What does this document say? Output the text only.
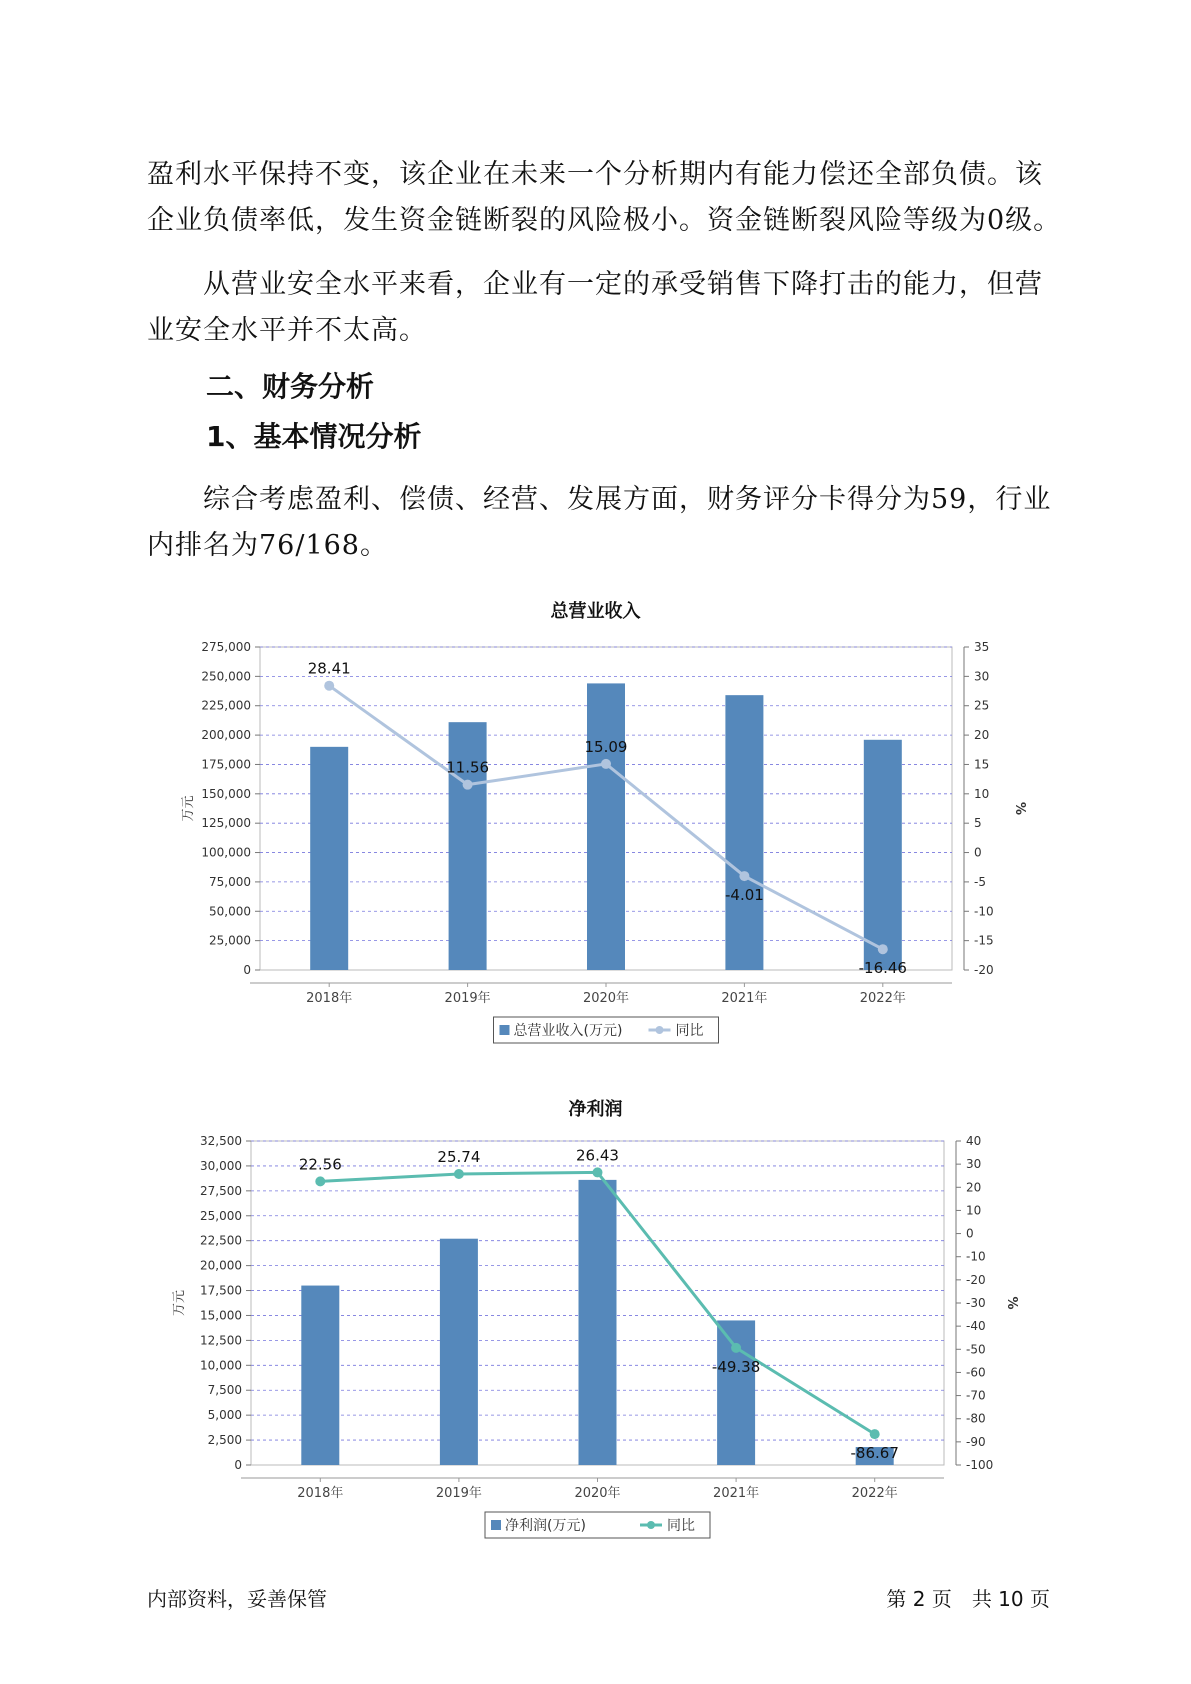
盈利水平保持不变，该企业在未来一个分析期内有能力偿还全部负债。该
企业负债率低，发生资金链断裂的风险极小。资金链断裂风险等级为0级。
从营业安全水平来看，企业有一定的承受销售下降打击的能力，但营
业安全水平并不太高。
二、财务分析
1、基本情况分析
综合考虑盈利、偿债、经营、发展方面，财务评分卡得分为59，行业
内排名为76/168。
总营业收入
0
25,000
50,000
75,000
100,000
125,000
150,000
175,000
200,000
225,000
250,000
275,000
-20
-15
-10
-5
0
5
10
15
20
25
30
35
万元	%
2018年	2019年	2020年	2021年	2022年
28.41
11.56
15.09
-4.01
-16.46
总营业收入(万元)	同比
净利润
0
2,500
5,000
7,500
10,000
12,500
15,000
17,500
20,000
22,500
25,000
27,500
30,000
32,500
-100
-90
-80
-70
-60
-50
-40
-30
-20
-10
0
10
20
30
40
万元	%
2018年	2019年	2020年	2021年	2022年
22.56	25.74	26.43
-49.38
-86.67
净利润(万元)	同比
内部资料，妥善保管	第 2 页　共 10 页
